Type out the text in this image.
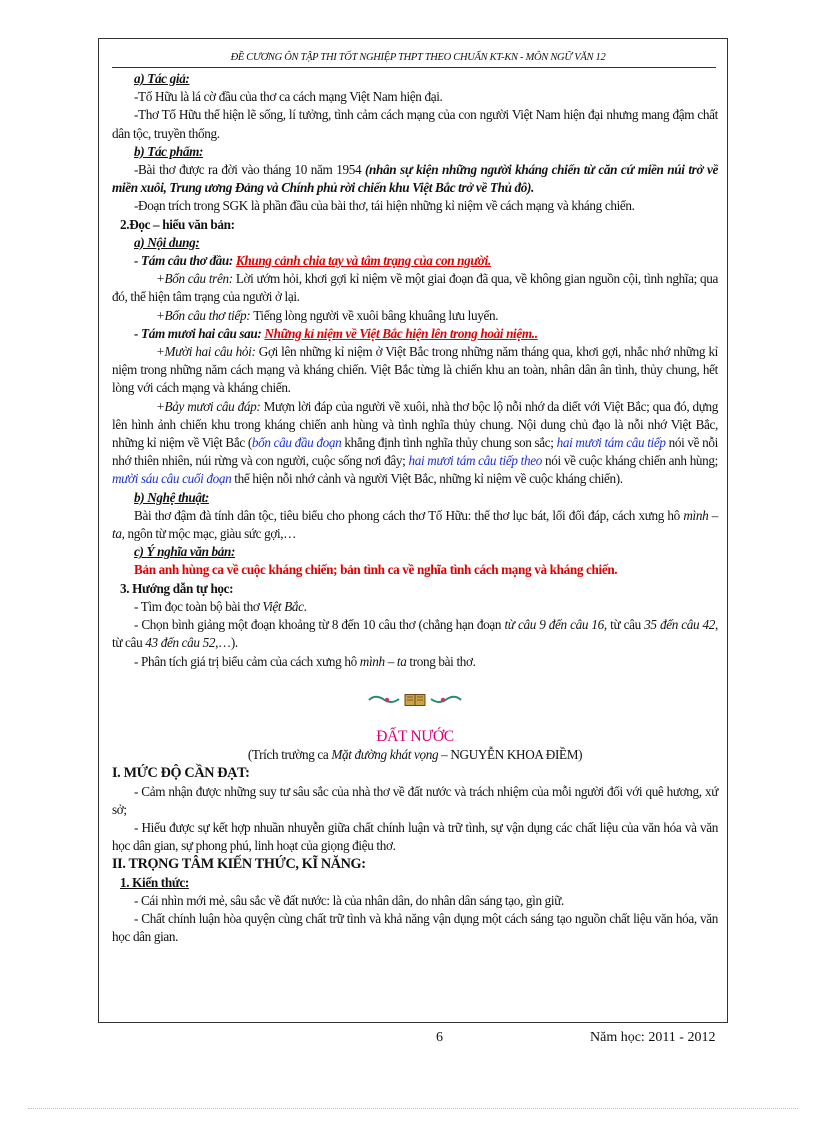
ĐỀ CƯƠNG ÔN TẬP THI TỐT NGHIỆP THPT THEO CHUẨN KT-KN - MÔN NGỮ VĂN 12

a) Tác giả:

-Tố Hữu là lá cờ đầu của thơ ca cách mạng Việt Nam hiện đại.

-Thơ Tố Hữu thể hiện lẽ sống, lí tưởng, tình cảm cách mạng của con người Việt Nam hiện đại nhưng mang đậm chất dân tộc, truyền thống.

b) Tác phẩm:

-Bài thơ được ra đời vào tháng 10 năm 1954 (nhân sự kiện những người kháng chiến từ căn cứ miền núi trở về miền xuôi, Trung ương Đảng và Chính phủ rời chiến khu Việt Bắc trở về Thủ đô).

-Đoạn trích trong SGK là phần đầu của bài thơ, tái hiện những kỉ niệm về cách mạng và kháng chiến.

2.Đọc – hiểu văn bản:

a) Nội dung:

- Tám câu thơ đầu: Khung cảnh chia tay và tâm trạng của con người.

+Bốn câu trên: Lời ướm hỏi, khơi gợi kỉ niệm về một giai đoạn đã qua, về không gian nguồn cội, tình nghĩa; qua đó, thể hiện tâm trạng của người ở lại.

+Bốn câu thơ tiếp: Tiếng lòng người về xuôi bâng khuâng lưu luyến.

- Tám mươi hai câu sau: Những kỉ niệm về Việt Bắc hiện lên trong hoài niệm..

+Mười hai câu hỏi: Gợi lên những kỉ niệm ở Việt Bắc trong những năm tháng qua, khơi gợi, nhắc nhớ những kỉ niệm trong những năm cách mạng và kháng chiến. Việt Bắc từng là chiến khu an toàn, nhân dân ân tình, thủy chung, hết lòng với cách mạng và kháng chiến.

+Bảy mươi câu đáp: Mượn lời đáp của người về xuôi, nhà thơ bộc lộ nỗi nhớ da diết với Việt Bắc; qua đó, dựng lên hình ảnh chiến khu trong kháng chiến anh hùng và tình nghĩa thủy chung. Nội dung chủ đạo là nỗi nhớ Việt Bắc, những kỉ niệm về Việt Bắc (bốn câu đầu đoạn khẳng định tình nghĩa thủy chung son sắc; hai mươi tám câu tiếp nói về nỗi nhớ thiên nhiên, núi rừng và con người, cuộc sống nơi đây; hai mươi tám câu tiếp theo nói về cuộc kháng chiến anh hùng; mười sáu câu cuối đoạn thể hiện nỗi nhớ cảnh và người Việt Bắc, những kỉ niệm về cuộc kháng chiến).

b) Nghệ thuật:

Bài thơ đậm đà tính dân tộc, tiêu biểu cho phong cách thơ Tố Hữu: thể thơ lục bát, lối đối đáp, cách xưng hô mình – ta, ngôn từ mộc mạc, giàu sức gợi,…

c) Ý nghĩa văn bản:

Bản anh hùng ca về cuộc kháng chiến; bản tình ca về nghĩa tình cách mạng và kháng chiến.

3. Hướng dẫn tự học:

- Tìm đọc toàn bộ bài thơ Việt Bắc.

- Chọn bình giảng một đoạn khoảng từ 8 đến 10 câu thơ (chẳng hạn đoạn từ câu 9 đến câu 16, từ câu 35 đến câu 42, từ câu 43 đến câu 52,…).

- Phân tích giá trị biểu cảm của cách xưng hô mình – ta trong bài thơ.

ĐẤT NƯỚC

(Trích trường ca Mặt đường khát vọng – NGUYỄN KHOA ĐIỀM)

I. MỨC ĐỘ CẦN ĐẠT:

- Cảm nhận được những suy tư sâu sắc của nhà thơ về đất nước và trách nhiệm của mỗi người đối với quê hương, xứ sở;

- Hiểu được sự kết hợp nhuần nhuyễn giữa chất chính luận và trữ tình, sự vận dụng các chất liệu của văn hóa và văn học dân gian, sự phong phú, linh hoạt của giọng điệu thơ.

II. TRỌNG TÂM KIẾN THỨC, KĨ NĂNG:

1. Kiến thức:

- Cái nhìn mới mẻ, sâu sắc về đất nước: là của nhân dân, do nhân dân sáng tạo, gìn giữ.

- Chất chính luận hòa quyện cùng chất trữ tình và khả năng vận dụng một cách sáng tạo nguồn chất liệu văn hóa, văn học dân gian.

6	Năm học: 2011 - 2012
